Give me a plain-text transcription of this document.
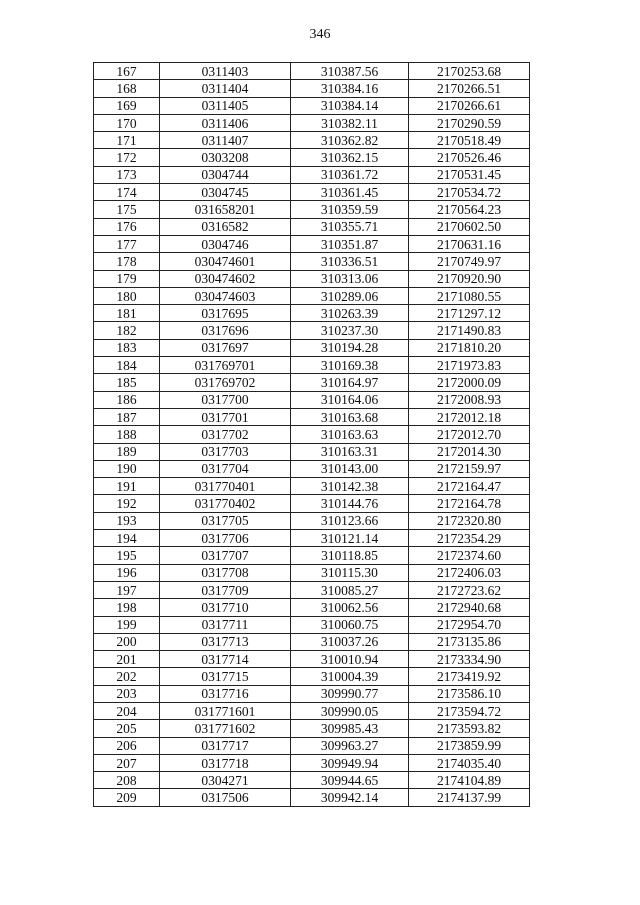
346
167	0311403	310387.56	2170253.68
168	0311404	310384.16	2170266.51
169	0311405	310384.14	2170266.61
170	0311406	310382.11	2170290.59
171	0311407	310362.82	2170518.49
172	0303208	310362.15	2170526.46
173	0304744	310361.72	2170531.45
174	0304745	310361.45	2170534.72
175	031658201	310359.59	2170564.23
176	0316582	310355.71	2170602.50
177	0304746	310351.87	2170631.16
178	030474601	310336.51	2170749.97
179	030474602	310313.06	2170920.90
180	030474603	310289.06	2171080.55
181	0317695	310263.39	2171297.12
182	0317696	310237.30	2171490.83
183	0317697	310194.28	2171810.20
184	031769701	310169.38	2171973.83
185	031769702	310164.97	2172000.09
186	0317700	310164.06	2172008.93
187	0317701	310163.68	2172012.18
188	0317702	310163.63	2172012.70
189	0317703	310163.31	2172014.30
190	0317704	310143.00	2172159.97
191	031770401	310142.38	2172164.47
192	031770402	310144.76	2172164.78
193	0317705	310123.66	2172320.80
194	0317706	310121.14	2172354.29
195	0317707	310118.85	2172374.60
196	0317708	310115.30	2172406.03
197	0317709	310085.27	2172723.62
198	0317710	310062.56	2172940.68
199	0317711	310060.75	2172954.70
200	0317713	310037.26	2173135.86
201	0317714	310010.94	2173334.90
202	0317715	310004.39	2173419.92
203	0317716	309990.77	2173586.10
204	031771601	309990.05	2173594.72
205	031771602	309985.43	2173593.82
206	0317717	309963.27	2173859.99
207	0317718	309949.94	2174035.40
208	0304271	309944.65	2174104.89
209	0317506	309942.14	2174137.99
